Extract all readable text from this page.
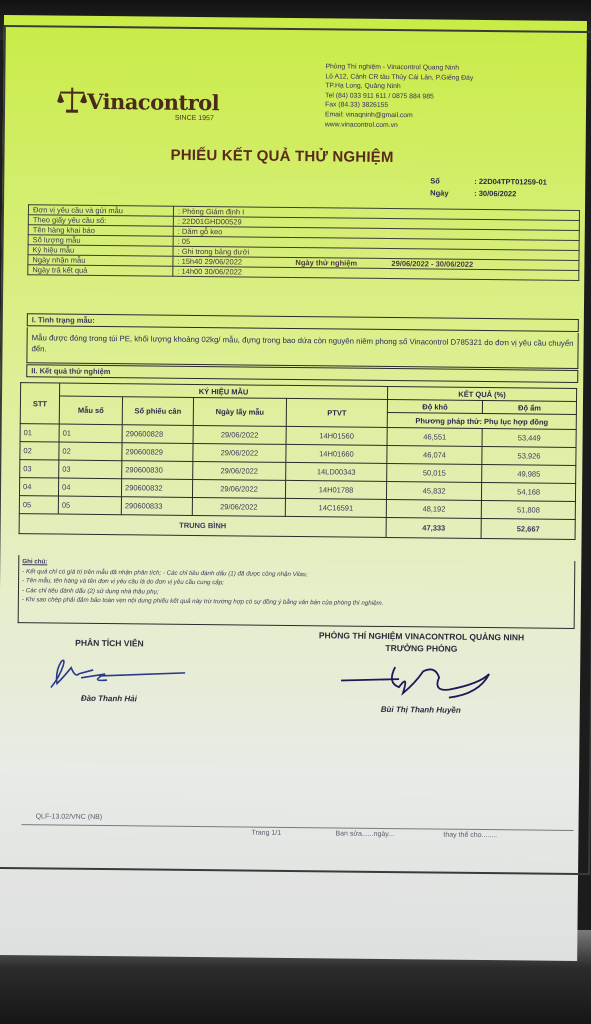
Vinacontrol
SINCE 1957
Phòng Thí nghiệm - Vinacontrol Quang Ninh
Lô A12, Cảnh CR tàu Thủy Cái Lân, P.Giếng Đáy
TP.Hạ Long, Quảng Ninh
Tel (84) 033 911 611 / 0875 884 985
Fax (84.33) 3826155
Email: vinaqninh@gmail.com
www.vinacontrol.com.vn
PHIẾU KẾT QUẢ THỬ NGHIỆM
Số	: 22D04TPT01259-01
Ngày	: 30/06/2022
Đơn vị yêu cầu và gửi mẫu	: Phòng Giám định I		
Theo giấy yêu cầu số:	: 22D01GHD00529		
Tên hàng khai báo	: Dăm gỗ keo		
Số lượng mẫu	: 05		
Ký hiệu mẫu	: Ghi trong bảng dưới		
Ngày nhận mẫu	: 15h40 29/06/2022	Ngày thử nghiệm	29/06/2022 - 30/06/2022
Ngày trả kết quả	: 14h00 30/06/2022		
I. Tình trạng mẫu:
Mẫu được đóng trong túi PE, khối lượng khoảng 02kg/ mẫu, đựng trong bao dứa còn nguyên niêm phong số Vinacontrol D785321 do đơn vị yêu cầu chuyển đến.
II. Kết quả thử nghiệm
STT	KÝ HIỆU MẪU				KẾT QUẢ (%)	
	Mẫu số	Số phiếu cân	Ngày lấy mẫu	PTVT	Độ khô	Độ ẩm
					Phương pháp thử: Phụ lục hợp đồng	
01	01	290600828	29/06/2022	14H01560	46,551	53,449
02	02	290600829	29/06/2022	14H01660	46,074	53,926
03	03	290600830	29/06/2022	14LD00343	50,015	49,985
04	04	290600832	29/06/2022	14H01788	45,832	54,168
05	05	290600833	29/06/2022	14C16591	48,192	51,808
TRUNG BÌNH					47,333	52,667
Ghi chú:
- Kết quả chỉ có giá trị trên mẫu đã nhận phân tích; - Các chỉ tiêu đánh dấu (1) đã được công nhận Vilas;
- Tên mẫu, tên hàng và tên đơn vị yêu cầu là do đơn vị yêu cầu cung cấp;
- Các chỉ tiêu đánh dấu (2) sử dụng nhà thầu phụ;
- Khi sao chép phải đảm bảo toàn vẹn nội dung phiếu kết quả này trừ trường hợp có sự đồng ý bằng văn bản của phòng thí nghiệm.
PHÂN TÍCH VIÊN
Đào Thanh Hải
PHÒNG THÍ NGHIỆM VINACONTROL QUẢNG NINH
TRƯỞNG PHÒNG
Bùi Thị Thanh Huyền
QLF-13.02/VNC (NB)
Trang 1/1	Ban sửa......ngày...	thay thế cho........
